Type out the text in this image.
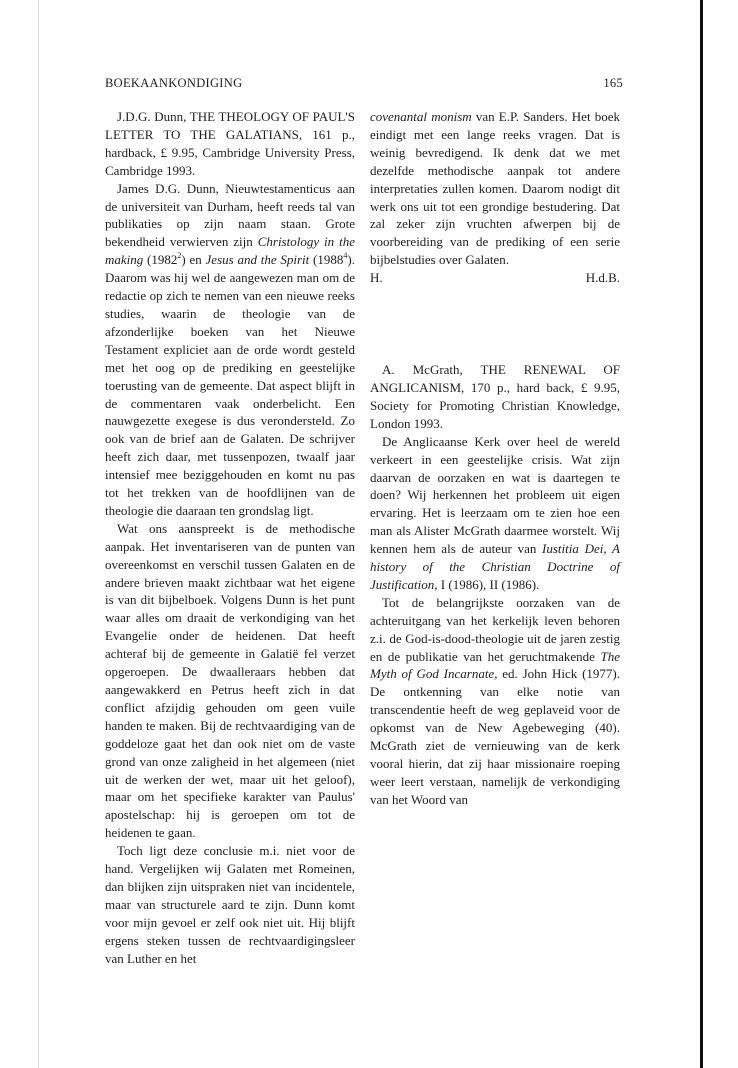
BOEKAANKONDIGING	165

J.D.G. Dunn, THE THEOLOGY OF PAUL'S LETTER TO THE GALATIANS, 161 p., hardback, £ 9.95, Cambridge University Press, Cambridge 1993.

James D.G. Dunn, Nieuwtestamenticus aan de universiteit van Durham, heeft reeds tal van publikaties op zijn naam staan. Grote bekendheid verwierven zijn Christology in the making (1982$^2$) en Jesus and the Spirit (1988$^4$). Daarom was hij wel de aangewezen man om de redactie op zich te nemen van een nieuwe reeks studies, waarin de theologie van de afzonderlijke boeken van het Nieuwe Testament expliciet aan de orde wordt gesteld met het oog op de prediking en geestelijke toerusting van de gemeente. Dat aspect blijft in de commentaren vaak onderbelicht. Een nauwgezette exegese is dus verondersteld. Zo ook van de brief aan de Galaten. De schrijver heeft zich daar, met tussenpozen, twaalf jaar intensief mee beziggehouden en komt nu pas tot het trekken van de hoofdlijnen van de theologie die daaraan ten grondslag ligt.

Wat ons aanspreekt is de methodische aanpak. Het inventariseren van de punten van overeenkomst en verschil tussen Galaten en de andere brieven maakt zichtbaar wat het eigene is van dit bijbelboek. Volgens Dunn is het punt waar alles om draait de verkondiging van het Evangelie onder de heidenen. Dat heeft achteraf bij de gemeente in Galatië fel verzet opgeroepen. De dwaalleraars hebben dat aangewakkerd en Petrus heeft zich in dat conflict afzijdig gehouden om geen vuile handen te maken. Bij de rechtvaardiging van de goddeloze gaat het dan ook niet om de vaste grond van onze zaligheid in het algemeen (niet uit de werken der wet, maar uit het geloof), maar om het specifieke karakter van Paulus' apostelschap: hij is geroepen om tot de heidenen te gaan.

Toch ligt deze conclusie m.i. niet voor de hand. Vergelijken wij Galaten met Romeinen, dan blijken zijn uitspraken niet van incidentele, maar van structurele aard te zijn. Dunn komt voor mijn gevoel er zelf ook niet uit. Hij blijft ergens steken tussen de rechtvaardigingsleer van Luther en het

covenantal monism van E.P. Sanders. Het boek eindigt met een lange reeks vragen. Dat is weinig bevredigend. Ik denk dat we met dezelfde methodische aanpak tot andere interpretaties zullen komen. Daarom nodigt dit werk ons uit tot een grondige bestudering. Dat zal zeker zijn vruchten afwerpen bij de voorbereiding van de prediking of een serie bijbelstudies over Galaten.

H.	H.d.B.

A. McGrath, THE RENEWAL OF ANGLICANISM, 170 p., hard back, £ 9.95, Society for Promoting Christian Knowledge, London 1993.

De Anglicaanse Kerk over heel de wereld verkeert in een geestelijke crisis. Wat zijn daarvan de oorzaken en wat is daartegen te doen? Wij herkennen het probleem uit eigen ervaring. Het is leerzaam om te zien hoe een man als Alister McGrath daarmee worstelt. Wij kennen hem als de auteur van Iustitia Dei, A history of the Christian Doctrine of Justification, I (1986), II (1986).

Tot de belangrijkste oorzaken van de achteruitgang van het kerkelijk leven behoren z.i. de God-is-dood-theologie uit de jaren zestig en de publikatie van het geruchtmakende The Myth of God Incarnate, ed. John Hick (1977). De ontkenning van elke notie van transcendentie heeft de weg geplaveid voor de opkomst van de New Agebeweging (40). McGrath ziet de vernieuwing van de kerk vooral hierin, dat zij haar missionaire roeping weer leert verstaan, namelijk de verkondiging van het Woord van
